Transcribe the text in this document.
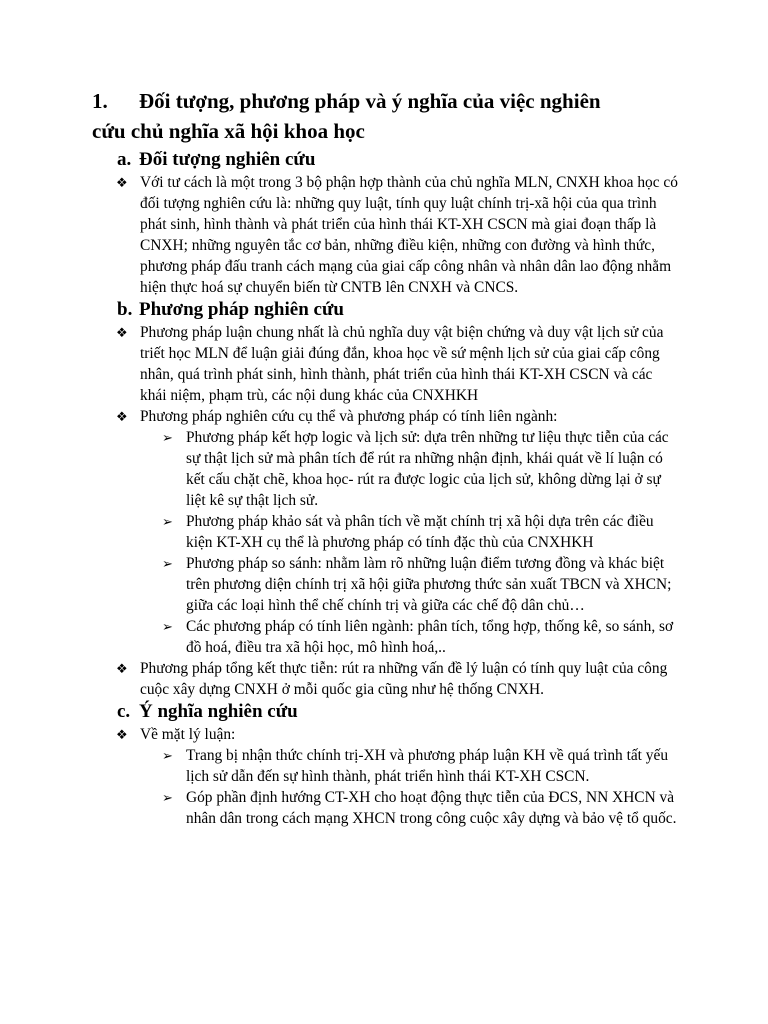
1. Đối tượng, phương pháp và ý nghĩa của việc nghiên
cứu chủ nghĩa xã hội khoa học
a. Đối tượng nghiên cứu

❖ Với tư cách là một trong 3 bộ phận hợp thành của chủ nghĩa MLN, CNXH khoa học có đối tượng nghiên cứu là: những quy luật, tính quy luật chính trị-xã hội của qua trình phát sinh, hình thành và phát triển của hình thái KT-XH CSCN mà giai đoạn thấp là CNXH; những nguyên tắc cơ bản, những điều kiện, những con đường và hình thức, phương pháp đấu tranh cách mạng của giai cấp công nhân và nhân dân lao động nhằm hiện thực hoá sự chuyển biến từ CNTB lên CNXH và CNCS.

b. Phương pháp nghiên cứu

❖ Phương pháp luận chung nhất là chủ nghĩa duy vật biện chứng và duy vật lịch sử của triết học MLN để luận giải đúng đắn, khoa học về sứ mệnh lịch sử của giai cấp công nhân, quá trình phát sinh, hình thành, phát triển của hình thái KT-XH CSCN và các khái niệm, phạm trù, các nội dung khác của CNXHKH

❖ Phương pháp nghiên cứu cụ thể và phương pháp có tính liên ngành:

➢ Phương pháp kết hợp logic và lịch sử: dựa trên những tư liệu thực tiễn của các sự thật lịch sử mà phân tích để rút ra những nhận định, khái quát về lí luận có kết cấu chặt chẽ, khoa học- rút ra được logic của lịch sử, không dừng lại ở sự liệt kê sự thật lịch sử.

➢ Phương pháp khảo sát và phân tích về mặt chính trị xã hội dựa trên các điều kiện KT-XH cụ thể là phương pháp có tính đặc thù của CNXHKH

➢ Phương pháp so sánh: nhằm làm rõ những luận điểm tương đồng và khác biệt trên phương diện chính trị xã hội giữa phương thức sản xuất TBCN và XHCN; giữa các loại hình thể chế chính trị và giữa các chế độ dân chủ…

➢ Các phương pháp có tính liên ngành: phân tích, tổng hợp, thống kê, so sánh, sơ đồ hoá, điều tra xã hội học, mô hình hoá,..

❖ Phương pháp tổng kết thực tiễn: rút ra những vấn đề lý luận có tính quy luật của công cuộc xây dựng CNXH ở mỗi quốc gia cũng như hệ thống CNXH.

c. Ý nghĩa nghiên cứu

❖ Về mặt lý luận:

➢ Trang bị nhận thức chính trị-XH và phương pháp luận KH về quá trình tất yếu lịch sử dẫn đến sự hình thành, phát triển hình thái KT-XH CSCN.

➢ Góp phần định hướng CT-XH cho hoạt động thực tiễn của ĐCS, NN XHCN và nhân dân trong cách mạng XHCN trong công cuộc xây dựng và bảo vệ tổ quốc.
